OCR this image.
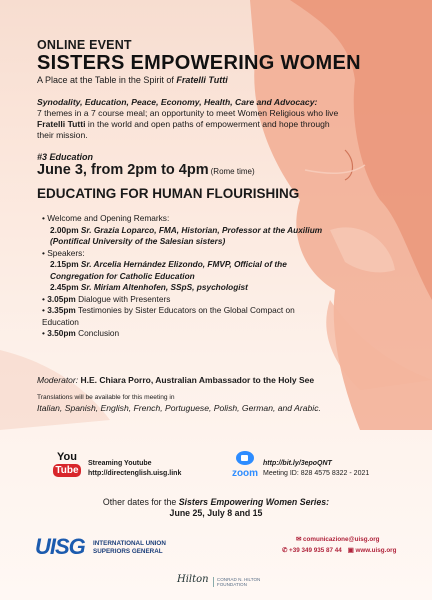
ONLINE EVENT
SISTERS EMPOWERING WOMEN
A Place at the Table in the Spirit of Fratelli Tutti
Synodality, Education, Peace, Economy, Health, Care and Advocacy:
7 themes in a 7 course meal; an opportunity to meet Women Religious who live
Fratelli Tutti in the world and open paths of empowerment and hope through
their mission.
#3 Education
June 3, from 2pm to 4pm (Rome time)
EDUCATING FOR HUMAN FLOURISHING
• Welcome and Opening Remarks:
2.00pm Sr. Grazia Loparco, FMA, Historian, Professor at the Auxilium
(Pontifical University of the Salesian sisters)
• Speakers:
2.15pm Sr. Arcelia Hernández Elizondo, FMVP, Official of the
Congregation for Catholic Education
2.45pm Sr. Miriam Altenhofen, SSpS, psychologist
• 3.05pm Dialogue with Presenters
• 3.35pm Testimonies by Sister Educators on the Global Compact on
Education
• 3.50pm Conclusion
Moderator: H.E. Chiara Porro, Australian Ambassador to the Holy See
Translations will be available for this meeting in
Italian, Spanish, English, French, Portuguese, Polish, German, and Arabic.
You
Tube
Streaming Youtube
http://directenglish.uisg.link	zoom
http://bit.ly/3epoQNT
Meeting ID: 828 4575 8322 - 2021
Other dates for the Sisters Empowering Women Series:
June 25, July 8 and 15
UISG INTERNATIONAL UNION
SUPERIORS GENERAL
✉ comunicazione@uisg.org
✆ +39 349 935 87 44 ▣ www.uisg.org
Hilton CONRAD N. HILTON
FOUNDATION
